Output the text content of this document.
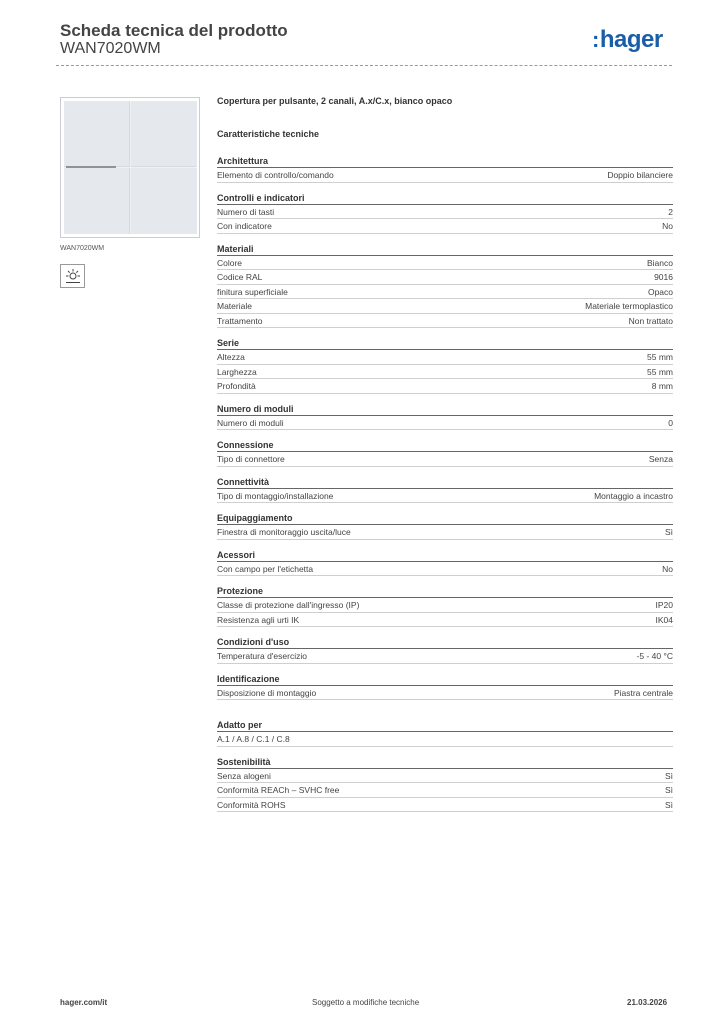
Scheda tecnica del prodotto
WAN7020WM	:hager
WAN7020WM
Copertura per pulsante, 2 canali, A.x/C.x, bianco opaco
Caratteristiche tecniche
Architettura
Elemento di controllo/comando	Doppio bilanciere
Controlli e indicatori
Numero di tasti	2
Con indicatore	No
Materiali
Colore	Bianco
Codice RAL	9016
finitura superficiale	Opaco
Materiale	Materiale termoplastico
Trattamento	Non trattato
Serie
Altezza	55 mm
Larghezza	55 mm
Profondità	8 mm
Numero di moduli
Numero di moduli	0
Connessione
Tipo di connettore	Senza
Connettività
Tipo di montaggio/installazione	Montaggio a incastro
Equipaggiamento
Finestra di monitoraggio uscita/luce	Sì
Acessori
Con campo per l'etichetta	No
Protezione
Classe di protezione dall'ingresso (IP)	IP20
Resistenza agli urti IK	IK04
Condizioni d'uso
Temperatura d'esercizio	-5 - 40 °C
Identificazione
Disposizione di montaggio	Piastra centrale
Adatto per
A.1 / A.8 / C.1 / C.8
Sostenibilità
Senza alogeni	Sì
Conformità REACh – SVHC free	Sì
Conformità ROHS	Sì
hager.com/it	Soggetto a modifiche tecniche	21.03.2026
